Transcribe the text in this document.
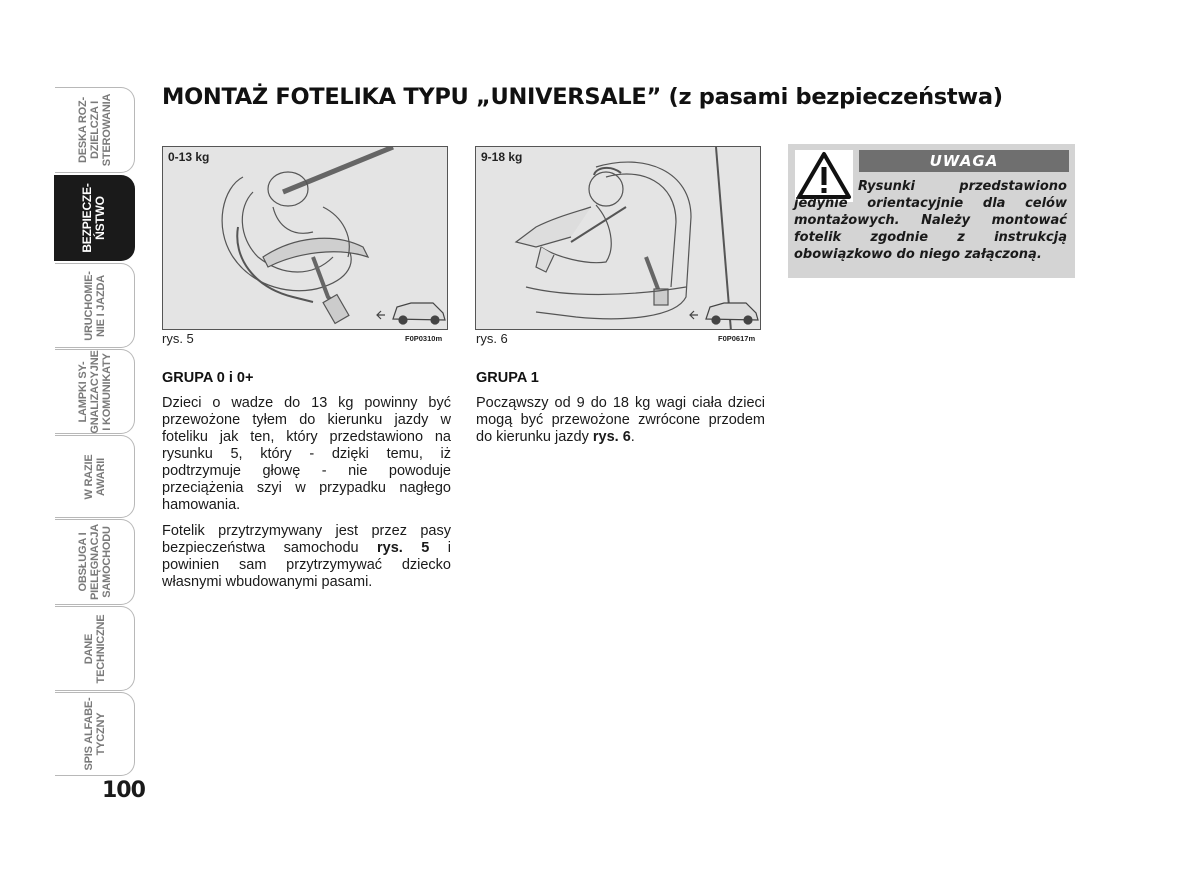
DESKA ROZ-
DZIELCZA I
STEROWANIA
BEZPIECZE-
ŃSTWO
URUCHOMIE-
NIE I JAZDA
LAMPKI SY-
GNALIZACYJNE
I KOMUNIKATY
W RAZIE
AWARII
OBSŁUGA I
PIELĘGNACJA
SAMOCHODU
DANE
TECHNICZNE
SPIS ALFABE-
TYCZNY
100
MONTAŻ FOTELIKA TYPU „UNIVERSALE” (z pasami bezpieczeństwa)
0-13 kg
rys. 5	F0P0310m
9-18 kg
rys. 6	F0P0617m
GRUPA 0 i 0+

Dzieci o wadze do 13 kg powinny być przewożone tyłem do kierunku jazdy w foteliku jak ten, który przedstawiono na rysunku 5, który - dzięki temu, iż podtrzymuje głowę - nie powoduje przeciążenia szyi w przypadku nagłego hamowania.

Fotelik przytrzymywany jest przez pasy bezpieczeństwa samochodu rys. 5 i powinien sam przytrzymywać dziecko własnymi wbudowanymi pasami.

GRUPA 1

Począwszy od 9 do 18 kg wagi ciała dzieci mogą być przewożone zwrócone przodem do kierunku jazdy rys. 6.

UWAGA
Rysunki przedstawiono jedynie orientacyjnie dla celów montażowych. Należy montować fotelik zgodnie z instrukcją obowiązkowo do niego załączoną.
